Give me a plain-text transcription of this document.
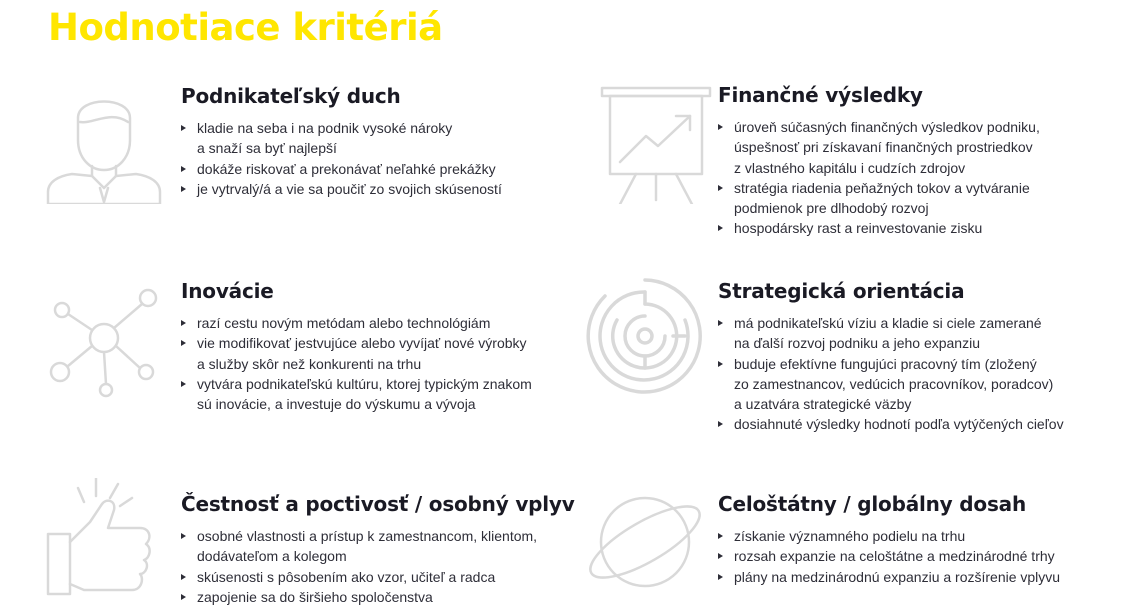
Hodnotiace kritériá
Podnikateľský duch
kladie na seba i na podnik vysoké nároky
a snaží sa byť najlepší
dokáže riskovať a prekonávať neľahké prekážky
je vytrvalý/á a vie sa poučiť zo svojich skúseností
Finančné výsledky
úroveň súčasných finančných výsledkov podniku,
úspešnosť pri získavaní finančných prostriedkov
z vlastného kapitálu i cudzích zdrojov
stratégia riadenia peňažných tokov a vytváranie
podmienok pre dlhodobý rozvoj
hospodársky rast a reinvestovanie zisku
Inovácie
razí cestu novým metódam alebo technológiám
vie modifikovať jestvujúce alebo vyvíjať nové výrobky
a služby skôr než konkurenti na trhu
vytvára podnikateľskú kultúru, ktorej typickým znakom
sú inovácie, a investuje do výskumu a vývoja
Strategická orientácia
má podnikateľskú víziu a kladie si ciele zamerané
na ďalší rozvoj podniku a jeho expanziu
buduje efektívne fungujúci pracovný tím (zložený
zo zamestnancov, vedúcich pracovníkov, poradcov)
a uzatvára strategické väzby
dosiahnuté výsledky hodnotí podľa vytýčených cieľov
Čestnosť a poctivosť / osobný vplyv
osobné vlastnosti a prístup k zamestnancom, klientom,
dodávateľom a kolegom
skúsenosti s pôsobením ako vzor, učiteľ a radca
zapojenie sa do širšieho spoločenstva
Celoštátny / globálny dosah
získanie významného podielu na trhu
rozsah expanzie na celoštátne a medzinárodné trhy
plány na medzinárodnú expanziu a rozšírenie vplyvu
